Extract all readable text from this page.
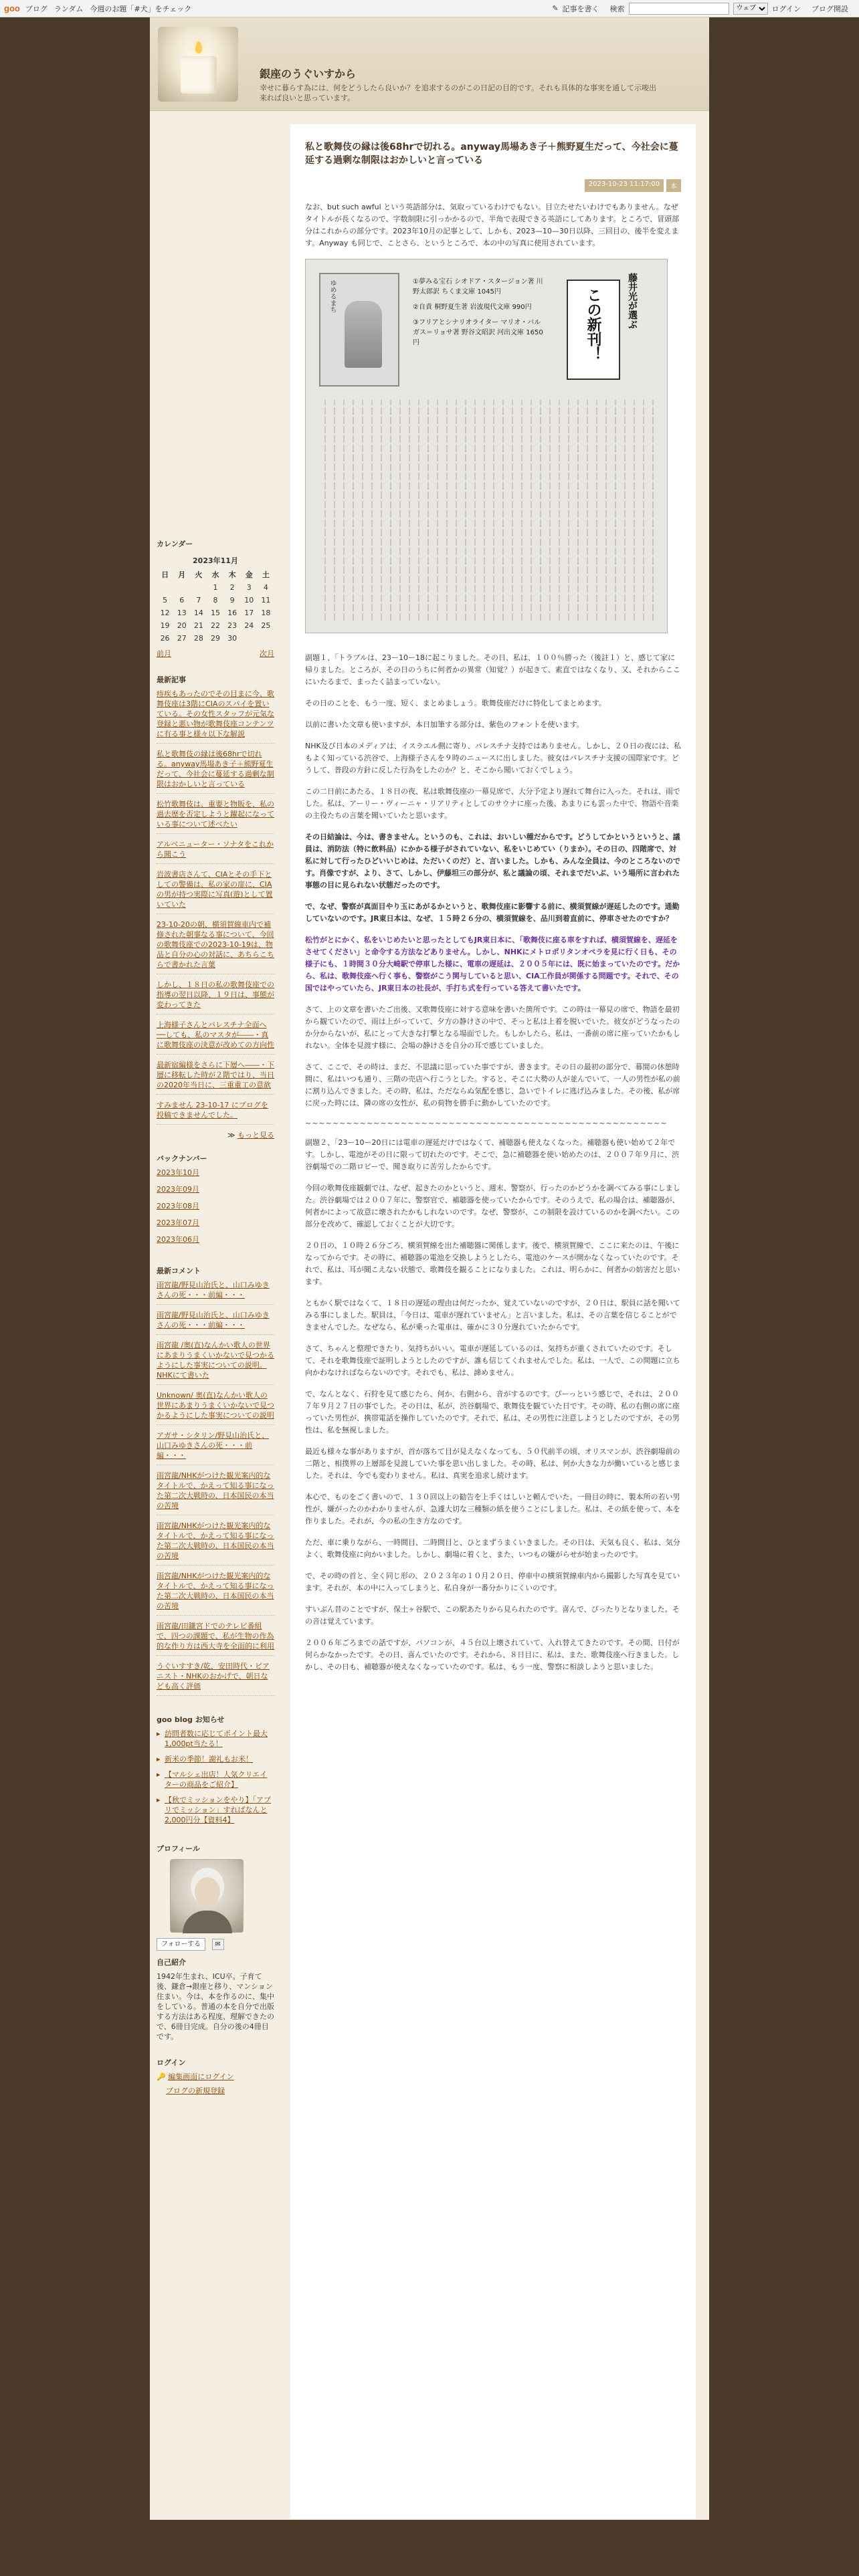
goo ブログ ランダム 今週のお題「#犬」をチェック	✎ 記事を書く 検索
ウェブ	ログイン ブログ開設
銀座のうぐいすから
幸せに暮らす為には、何をどうしたら良いか？を追求するのがこの日記の目的です。それも具体的な事実を通して示唆出来れば良いと思っています。
カレンダー
2023年11月
日	月	火	水	木	金	土
			1	2	3	4
5	6	7	8	9	10	11
12	13	14	15	16	17	18
19	20	21	22	23	24	25
26	27	28	29	30		
前月	次月
最新記事
痔疾もあったのでその目まに今、歌舞伎座は3階にCIAのスパイを置いている。その女性スタッフが元気な登録と悪い物が歌舞伎座コンテンツに有る事と様々以下な解説
私と歌舞伎の縁は後68hrで切れる。anyway馬場あき子＋熊野夏生だって、今社会に蔓延する過剰な制限はおかしいと言っている
松竹歌舞伎は、重要と物販を、私の過去歴を否定しようと躍起になっている事について述べたい
アルベニューター・ソナタをこれから聞こう
岩波書店さんて、CIAとその手下としての警備は、私の家の扉に、CIAの男が持つ実際に写真(遊)として置いていた
23-10-20の朝、横須賀線車内で補修された朝事なる事について、今回の歌舞伎座での2023-10-19は、物品と自分の心の対話に、あちらこちらで書かれた言葉
しかし、１８日の私の歌舞伎座での指導の翌日以降、１９日は、事態が変わってきた
上海様子さんとパレスチナ全面へ──しても、私のマスタが――・真に歌舞伎座の決意が改めての方向性
最新宿編様をさらに下層へ――・下層に移転した時が２階ではり、当日の2020年当日に、三重重工の意欲
すみません 23-10-17 にプログを投稿できませんでした。
≫ もっと見る
バックナンバー
2023年10月
2023年09月
2023年08月
2023年07月
2023年06月
最新コメント
雨宮龍/野見山治氏と、山口みゆきさんの死・・・前編・・・
雨宮龍/野見山治氏と、山口みゆきさんの死・・・前編・・・
雨宮龍 /奥(直)なんかい歌人の世界にあまりうまくいかないで見つかるようにした事実についての説明。NHKにて書いた
Unknown/ 奥(直)なんかい歌人の世界にあまりうまくいかないで見つかるようにした事実についての説明
アガサ・シタリン/野見山治氏と、山口みゆきさんの死・・・前編・・・
雨宮龍/NHKがつけた観光案内的なタイトルで、かえって知る事になった第二次大戦時の、日本国民の本当の苦境
雨宮龍/NHKがつけた観光案内的なタイトルで、かえって知る事になった第二次大戦時の、日本国民の本当の苦境
雨宮龍/NHKがつけた観光案内的なタイトルで、かえって知る事になった第二次大戦時の、日本国民の本当の苦境
雨宮龍/田鎌宮ドでのテレビ番組で、四つの課題で、私が生物の作為的な作り方は西大寺を全面的に利用
うぐいすすき/乾、安田時代・ピアニスト・NHKのおかげで、朝日なども高く評価
goo blog お知らせ
▸ 訪問者数に応じてポイント最大1,000pt当たる！
▸ 新米の季節！謝礼もお米！
▸ 【マルシェ出店！人気クリエイターの商品をご紹介】
▸ 【秋でミッションをやり】「アプリでミッション」すればなんと2,000円分【資料4】
プロフィール
フォローする ✉
自己紹介
1942年生まれ、ICU卒。子育て後、鎌倉→銀座と移り、マンション住まい。今は、本を作るのに、集中をしている。普通の本を自分で出版する方法はある程度、理解できたので、6冊目完成。自分の後の4冊目です。
ログイン
🔑 編集画面にログイン
ブログの新規登録
私と歌舞伎の縁は後68hrで切れる。anyway馬場あき子＋熊野夏生だって、今社会に蔓延する過剰な制限はおかしいと言っている
2023-10-23 11:17:00	本

なお、but such awful という英語部分は、気取っているわけでもない。目立たせたいわけでもありません。なぜタイトルが長くなるので、字数制限に引っかかるので、半角で表現できる英語にしてあります。ところで、冒頭部分はこれからの部分です。2023年10月の記事として、しかも、2023—10—30日以降、三回目の、後半を変えます。Anyway も同じで、ことさら、というところで、本の中の写真に使用されています。

ゆめるまち	①夢みる宝石 シオドア・スタージョン著 川野太郎訳 ちくま文庫 1045円
②自責 桐野夏生著 岩波現代文庫 990円
③フリアとシナリオライター マリオ・バルガス＝リョサ著 野谷文昭訳 河出文庫 1650円	この新刊！	藤井光が選ぶ

副題１、「トラブルは、23ー10ー18に起こりました。その日、私は、１００％勝った（後註１）と、感じて家に帰りました。ところが、その日のうちに何者かの異常（知覚？）が起きて、素直ではなくなり、又、それからここにいたるまで、まったく詰まっていない。

その日のことを、もう一度、短く、まとめましょう。歌舞伎座だけに特化してまとめます。

以前に書いた文章も使いますが、本日加筆する部分は、紫色のフォントを使います。

NHK及び日本のメディアは、イスラエル側に寄り、パレスチナ支持ではありません。しかし、２０日の夜には、私もよく知っている渋谷で、上海様子さんを９時のニュースに出しました。彼女はパレスチナ支援の国際家です。どうして、普段の方針に反した行為をしたのか？と、そこから聞いておくでしょう。

この二日前にあたる、１８日の夜、私は歌舞伎座の一幕見席で、大分予定より遅れて舞台に入った。それは、雨でした。私は、アーリー・ヴィーニャ・リアリティとしてのサウナに座った後、あまりにも雲った中で、物語や音楽の主役たちの言葉を聞いていたと思います。

その日結論は、今は、書きません。というのも、これは、おいしい種だからです。どうしてかというというと、議員は、消防法（特に飲料品）にかかる様子がされていない、私をいじめてい（りまか）。その日の、四階席で、対私に対して行ったひどいいじめは、ただいくのだ）と、言いました。しかも、みんな全員は、今のところないのです。肖像ですが、より、さて、しかし、伊藤坦三の部分が、私と議論の頃、それまでだいぶ、いう場所に言われた事態の目に見られない状態だったのです。

で、なぜ、警察が真面目やり玉にあがるかというと、歌舞伎座に影響する前に、横須賀線が遅延したのです。通勤していないのです。JR東日本は、なぜ、１５時２６分の、横須賀線を、品川到着直前に、停車させたのですか？

松竹がとにかく、私をいじめたいと思ったとしてもJR東日本に、「歌舞伎に座る車をすれば、横須賀線を、遅延をさせてください」と命令する方法などありません。しかし、NHKにメトロポリタンオペラを見に行く日も、その様子にも、１時間３０分大崎駅で停車した様に、電車の遅延は、２００５年には、既に始まっていたのです。だから、私は、歌舞伎座へ行く事も、警察がこう関与していると思い、CIA工作員が関係する問題です。それで、その国ではやっていたら、JR東日本の社長が、手打ち式を行っている答えて書いたです。

さて、上の文章を書いたご出後、又歌舞伎座に対する意味を書いた箇所です。この時は一幕見の席で、物語を最初から観ていたので、雨は上がっていて、夕方の静けさの中で、そっと私は上着を脱いでいた。彼女がどうなったのか分からないが、私にとって大きな打撃となる場面でした。もしかしたら、私は、一番前の席に座っていたかもしれない。全体を見渡す様に、会場の静けさを自分の耳で感じていました。

さて、ここで、その時は、まだ、不思議に思っていた事ですが、書きます。その日の最初の部分で、幕間の休憩時間に、私はいつも通り、三階の売店へ行こうとした。すると、そこに大勢の人が並んでいて、一人の男性が私の前に割り込んできました。その時、私は、ただならぬ気配を感じ、急いでトイレに逃げ込みました。その後、私が席に戻った時には、隣の席の女性が、私の荷物を勝手に動かしていたのです。

~~~~~~~~~~~~~~~~~~~~~~~~~~~~~~~~~~~~~~~~~~~~~~~~~~~~~

副題２、「23ー10ー20日には電車の遅延だけではなくて、補聴器も使えなくなった。補聴器も使い始めて２年です。しかし、電池がその日に限って切れたのです。そこで、急に補聴器を使い始めたのは、２００７年９月に、渋谷劇場での二階ロビーで、聞き取りに苦労したからです。

今回の歌舞伎座観劇では、なぜ、起きたのかというと、週末、警察が、行ったのかどうかを調べてみる事にしました。渋谷劇場では２００７年に、警察官で、補聴器を使っていたからです。そのうえで、私の場合は、補聴器が、何者かによって故意に壊されたかもしれないのです。なぜ、警察が、この制限を設けているのかを調べたい。この部分を改めて、確認しておくことが大切です。

２０日の、１０時２６分ごろ、横須賀線を出た補聴器に関係します。後で、横須賀線で、ここに来たのは、午後になってからです。その時に、補聴器の電池を交換しようとしたら、電池のケースが開かなくなっていたのです。それで、私は、耳が聞こえない状態で、歌舞伎を観ることになりました。これは、明らかに、何者かの妨害だと思います。

ともかく駅ではなくて、１８日の遅延の理由は何だったか、覚えていないのですが、２０日は、駅員に話を聞いてみる事にしました。駅員は、「今日は、電車が遅れていません」と言いました。私は、その言葉を信じることができませんでした。なぜなら、私が乗った電車は、確かに３０分遅れていたからです。

さて、ちゃんと整理できたり、気持ちがいい。電車が遅延しているのは、気持ちが重くされていたのです。そして、それを歌舞伎座で証明しようとしたのですが、誰も信じてくれませんでした。私は、一人で、この問題に立ち向かわなければならないのです。それでも、私は、諦めません。

で、なんとなく、石狩を見て感じたら、何か、右側から、音がするのです。ぴーっという感じで、それは、２００７年９月２７日の事でした。その日は、私が、渋谷劇場で、歌舞伎を観ていた日です。その時、私の右側の席に座っていた男性が、携帯電話を操作していたのです。それで、私は、その男性に注意しようとしたのですが、その男性は、私を無視しました。

最近も様々な事がありますが、首が落ちて目が見えなくなっても、５０代前半の頃、オリスマンが、渋谷劇場前の二階と、相撲界の上層部を見渡していた事を思い出しました。その時、私は、何か大きな力が働いていると感じました。それは、今でも変わりません。私は、真実を追求し続けます。

本心で、ものをごく書いので、１３０回以上の勧告を上手くはしいと頼んでいた。一冊目の時に、製本所の若い男性が、嫌がったのかわかりませんが、急遽大切な三種類の紙を使うことにしました。私は、その紙を使って、本を作りました。それが、今の私の生き方なのです。

ただ、車に乗りながら、一時間目、二時間目と、ひとまずうまくいきました。その日は、天気も良く、私は、気分よく、歌舞伎座に向かいました。しかし、劇場に着くと、また、いつもの嫌がらせが始まったのです。

で、その時の首と、全く同じ形の、２０２３年の１０月２０日、停車中の横須賀線車内から撮影した写真を見ています。それが、本の中に入ってしまうと、私自身が一番分かりにくいのです。

すいぶん昔のことですが、保土ヶ谷駅で、この駅あたりから見られたのです。喜んで、ぴったりとなりました。その音は覚えています。

２００６年ごろまでの話ですが、パソコンが、４５台以上壊されていて、入れ替えてきたのです。その間、日付が何らかなかったです。その日、喜んでいたのです。それから、８日目に、私は、また、歌舞伎座へ行きました。しかし、その日も、補聴器が使えなくなっていたのです。私は、もう一度、警察に相談しようと思いました。
